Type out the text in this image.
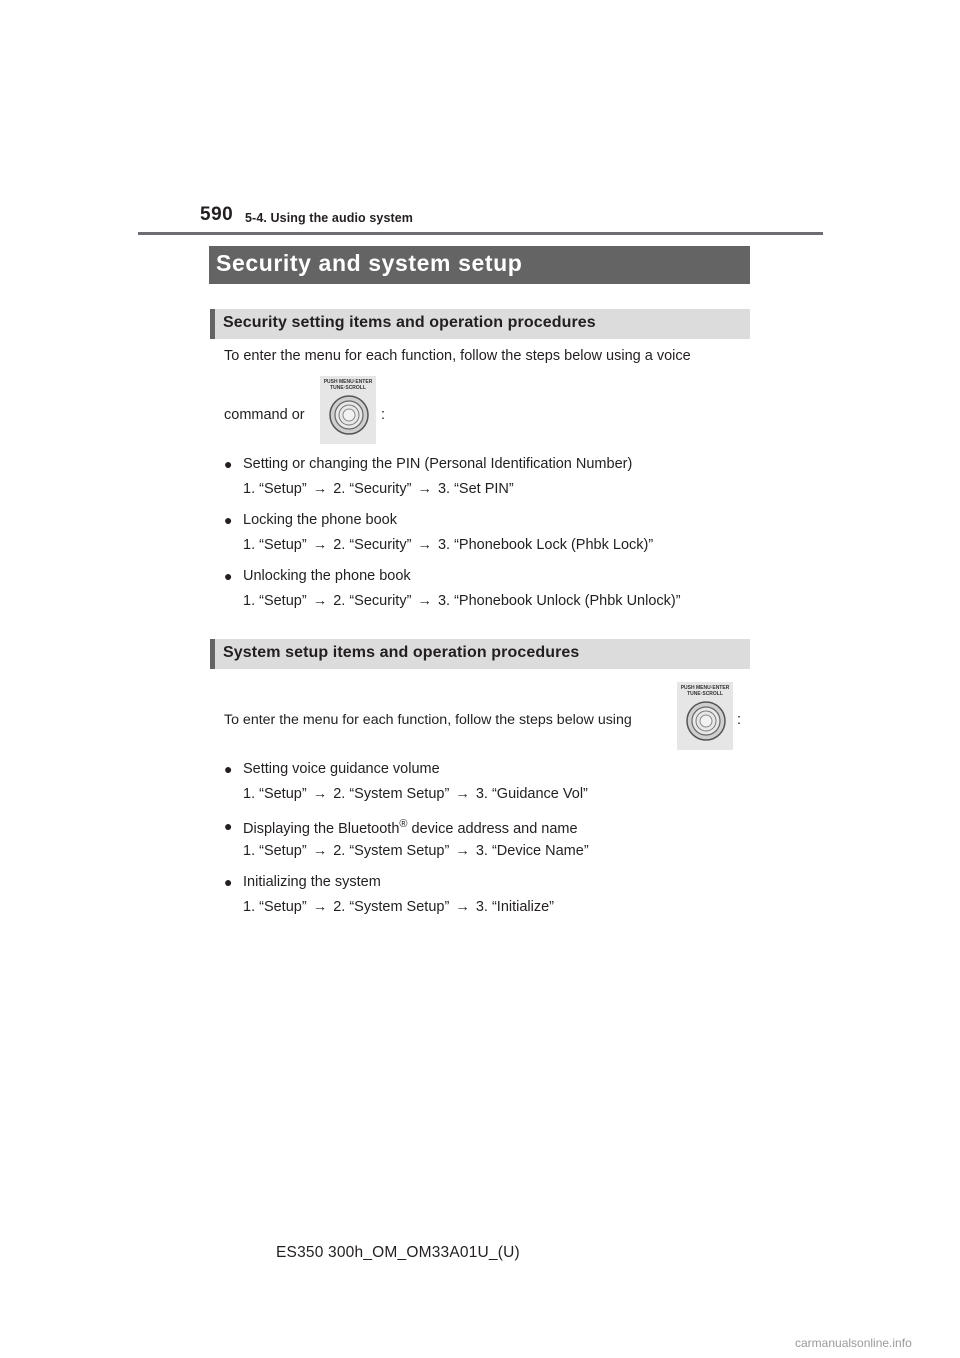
590 5-4. Using the audio system
Security and system setup
Security setting items and operation procedures
To enter the menu for each function, follow the steps below using a voice
command or
PUSH MENU·ENTER
TUNE·SCROLL
:
● Setting or changing the PIN (Personal Identification Number)
1. “Setup” → 2. “Security” → 3. “Set PIN”
● Locking the phone book
1. “Setup” → 2. “Security” → 3. “Phonebook Lock (Phbk Lock)”
● Unlocking the phone book
1. “Setup” → 2. “Security” → 3. “Phonebook Unlock (Phbk Unlock)”
System setup items and operation procedures
To enter the menu for each function, follow the steps below using
PUSH MENU·ENTER
TUNE·SCROLL
:
● Setting voice guidance volume
1. “Setup” → 2. “System Setup” → 3. “Guidance Vol”
● Displaying the Bluetooth® device address and name
1. “Setup” → 2. “System Setup” → 3. “Device Name”
● Initializing the system
1. “Setup” → 2. “System Setup” → 3. “Initialize”
ES350 300h_OM_OM33A01U_(U)
carmanualsonline.info
